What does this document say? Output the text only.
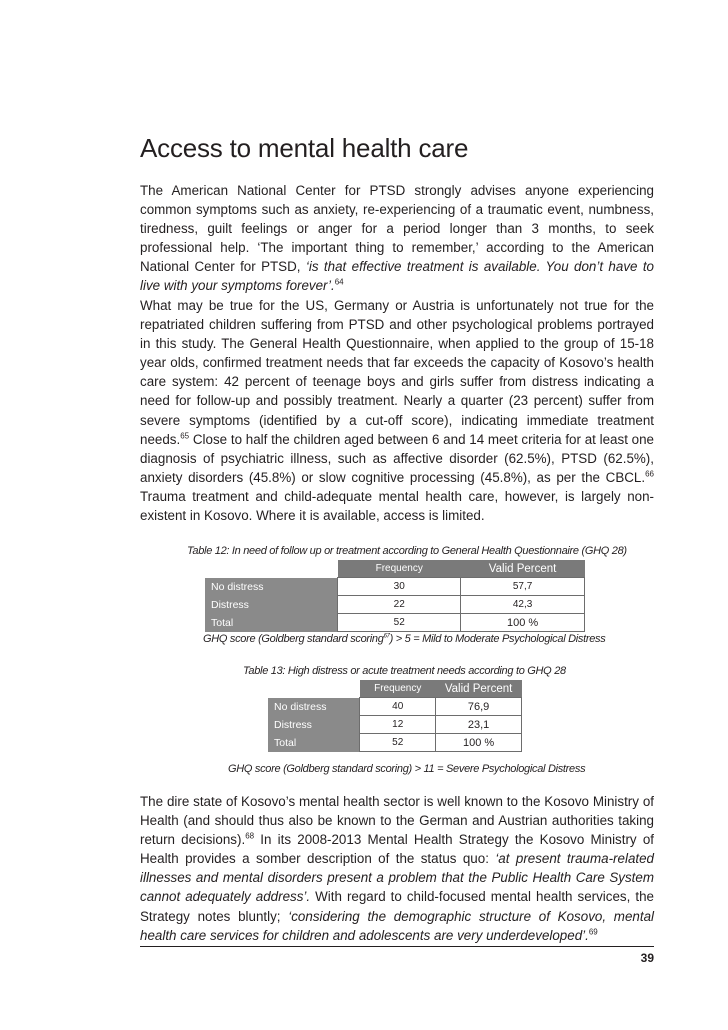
Access to mental health care

The American National Center for PTSD strongly advises anyone experiencing common symptoms such as anxiety, re-experiencing of a traumatic event, numbness, tiredness, guilt feelings or anger for a period longer than 3 months, to seek professional help. ‘The important thing to remember,’ according to the American National Center for PTSD, ‘is that effective treatment is available. You don’t have to live with your symptoms forever’.$^{64}$

What may be true for the US, Germany or Austria is unfortunately not true for the repatriated children suffering from PTSD and other psychological problems portrayed in this study. The General Health Questionnaire, when applied to the group of 15-18 year olds, confirmed treatment needs that far exceeds the capacity of Kosovo’s health care system: 42 percent of teenage boys and girls suffer from distress indicating a need for follow-up and possibly treatment. Nearly a quarter (23 percent) suffer from severe symptoms (identified by a cut-off score), indicating immediate treatment needs.$^{65}$ Close to half the children aged between 6 and 14 meet criteria for at least one diagnosis of psychiatric illness, such as affective disorder (62.5%), PTSD (62.5%), anxiety disorders (45.8%) or slow cognitive processing (45.8%), as per the CBCL.$^{66}$ Trauma treatment and child-adequate mental health care, however, is largely non-existent in Kosovo. Where it is available, access is limited.

Table 12: In need of follow up or treatment according to General Health Questionnaire (GHQ 28)
	Frequency	Valid Percent
No distress	30	57,7
Distress	22	42,3
Total	52	100 %
GHQ score (Goldberg standard scoring$^{67}$) > 5 = Mild to Moderate Psychological Distress
Table 13: High distress or acute treatment needs according to GHQ 28
	Frequency	Valid Percent
No distress	40	76,9
Distress	12	23,1
Total	52	100 %
GHQ score (Goldberg standard scoring) > 11 = Severe Psychological Distress

The dire state of Kosovo’s mental health sector is well known to the Kosovo Ministry of Health (and should thus also be known to the German and Austrian authorities taking return decisions).$^{68}$ In its 2008-2013 Mental Health Strategy the Kosovo Ministry of Health provides a somber description of the status quo: ‘at present trauma-related illnesses and mental disorders present a problem that the Public Health Care System cannot adequately address’. With regard to child-focused mental health services, the Strategy notes bluntly; ‘considering the demographic structure of Kosovo, mental health care services for children and adolescents are very underdeveloped’.$^{69}$

39
